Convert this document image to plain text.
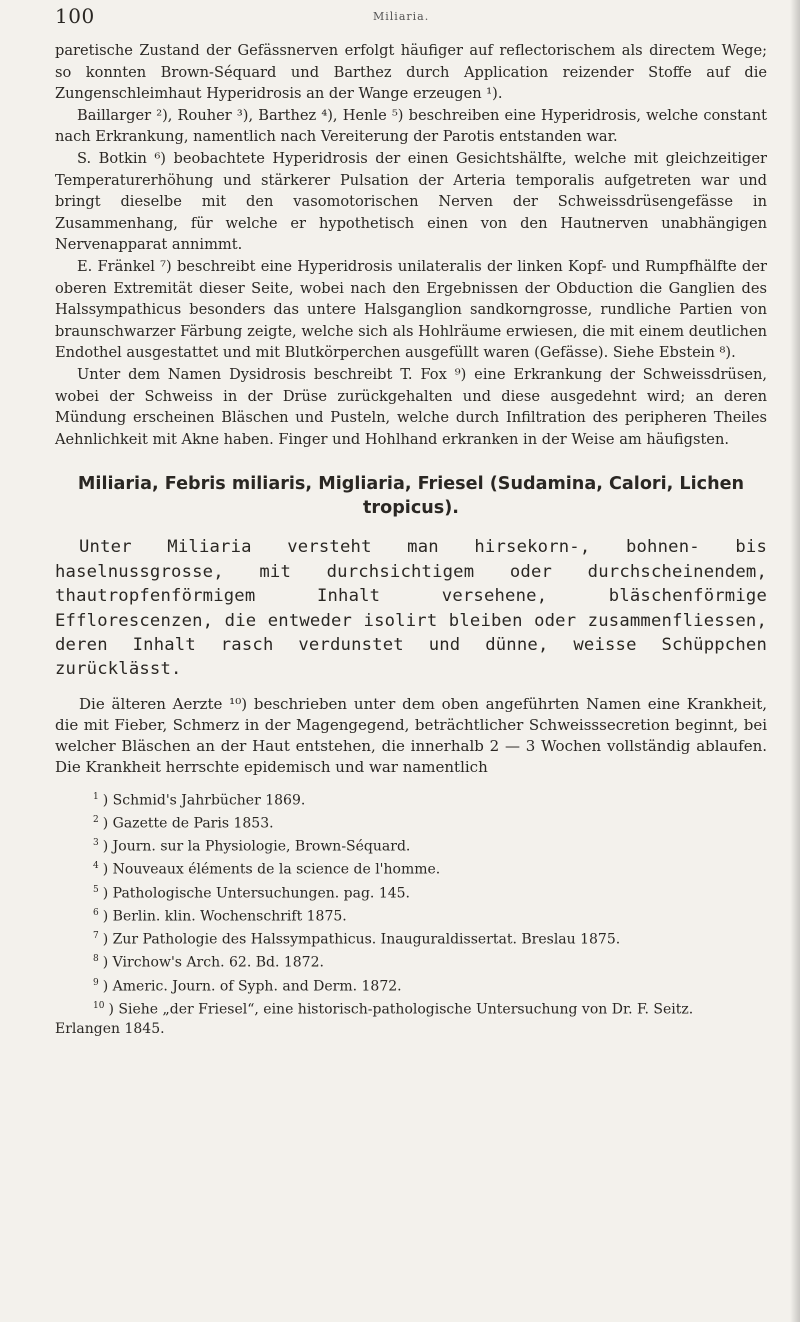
100	Miliaria.

paretische Zustand der Gefässnerven erfolgt häufiger auf reflectorischem als directem Wege; so konnten Brown-Séquard und Barthez durch Application reizender Stoffe auf die Zungenschleimhaut Hyperidrosis an der Wange erzeugen ¹).

Baillarger ²), Rouher ³), Barthez ⁴), Henle ⁵) beschreiben eine Hyperidrosis, welche constant nach Erkrankung, namentlich nach Vereiterung der Parotis entstanden war.

S. Botkin ⁶) beobachtete Hyperidrosis der einen Gesichtshälfte, welche mit gleichzeitiger Temperaturerhöhung und stärkerer Pulsation der Arteria temporalis aufgetreten war und bringt dieselbe mit den vasomotorischen Nerven der Schweissdrüsengefässe in Zusammenhang, für welche er hypothetisch einen von den Hautnerven unabhängigen Nervenapparat annimmt.

E. Fränkel ⁷) beschreibt eine Hyperidrosis unilateralis der linken Kopf- und Rumpfhälfte der oberen Extremität dieser Seite, wobei nach den Ergebnissen der Obduction die Ganglien des Halssympathicus besonders das untere Halsganglion sandkorngrosse, rundliche Partien von braunschwarzer Färbung zeigte, welche sich als Hohlräume erwiesen, die mit einem deutlichen Endothel ausgestattet und mit Blutkörperchen ausgefüllt waren (Gefässe). Siehe Ebstein ⁸).

Unter dem Namen Dysidrosis beschreibt T. Fox ⁹) eine Erkrankung der Schweissdrüsen, wobei der Schweiss in der Drüse zurückgehalten und diese ausgedehnt wird; an deren Mündung erscheinen Bläschen und Pusteln, welche durch Infiltration des peripheren Theiles Aehnlichkeit mit Akne haben. Finger und Hohlhand erkranken in der Weise am häufigsten.

Miliaria, Febris miliaris, Migliaria, Friesel (Sudamina, Calori, Lichen tropicus).

Unter Miliaria versteht man hirsekorn-, bohnen- bis haselnussgrosse, mit durchsichtigem oder durchscheinendem, thautropfenförmigem Inhalt versehene, bläschenförmige Efflorescenzen, die entweder isolirt bleiben oder zusammenfliessen, deren Inhalt rasch verdunstet und dünne, weisse Schüppchen zurücklässt.

Die älteren Aerzte ¹⁰) beschrieben unter dem oben angeführten Namen eine Krankheit, die mit Fieber, Schmerz in der Magengegend, beträchtlicher Schweisssecretion beginnt, bei welcher Bläschen an der Haut entstehen, die innerhalb 2 — 3 Wochen vollständig ablaufen. Die Krankheit herrschte epidemisch und war namentlich

$^1$ ) Schmid's Jahrbücher 1869.

$^2$ ) Gazette de Paris 1853.

$^3$ ) Journ. sur la Physiologie, Brown-Séquard.

$^4$ ) Nouveaux éléments de la science de l'homme.

$^5$ ) Pathologische Untersuchungen. pag. 145.

$^6$ ) Berlin. klin. Wochenschrift 1875.

$^7$ ) Zur Pathologie des Halssympathicus. Inauguraldissertat. Breslau 1875.

$^8$ ) Virchow's Arch. 62. Bd. 1872.

$^9$ ) Americ. Journ. of Syph. and Derm. 1872.

$^{10}$ ) Siehe „der Friesel“, eine historisch-pathologische Untersuchung von Dr. F. Seitz.

Erlangen 1845.
